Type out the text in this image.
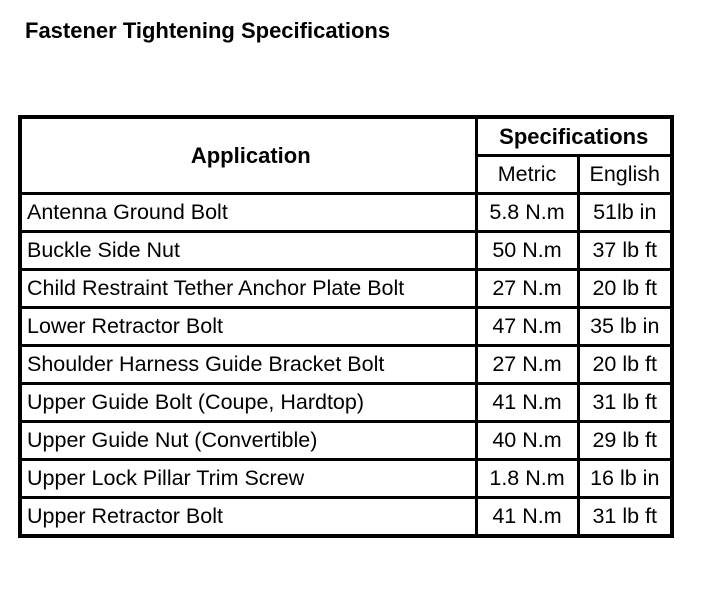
Fastener Tightening Specifications
Application	Specifications	
	Metric	English
Antenna Ground Bolt	5.8 N.m	51lb in
Buckle Side Nut	50 N.m	37 lb ft
Child Restraint Tether Anchor Plate Bolt	27 N.m	20 lb ft
Lower Retractor Bolt	47 N.m	35 lb in
Shoulder Harness Guide Bracket Bolt	27 N.m	20 lb ft
Upper Guide Bolt (Coupe, Hardtop)	41 N.m	31 lb ft
Upper Guide Nut (Convertible)	40 N.m	29 lb ft
Upper Lock Pillar Trim Screw	1.8 N.m	16 lb in
Upper Retractor Bolt	41 N.m	31 lb ft
